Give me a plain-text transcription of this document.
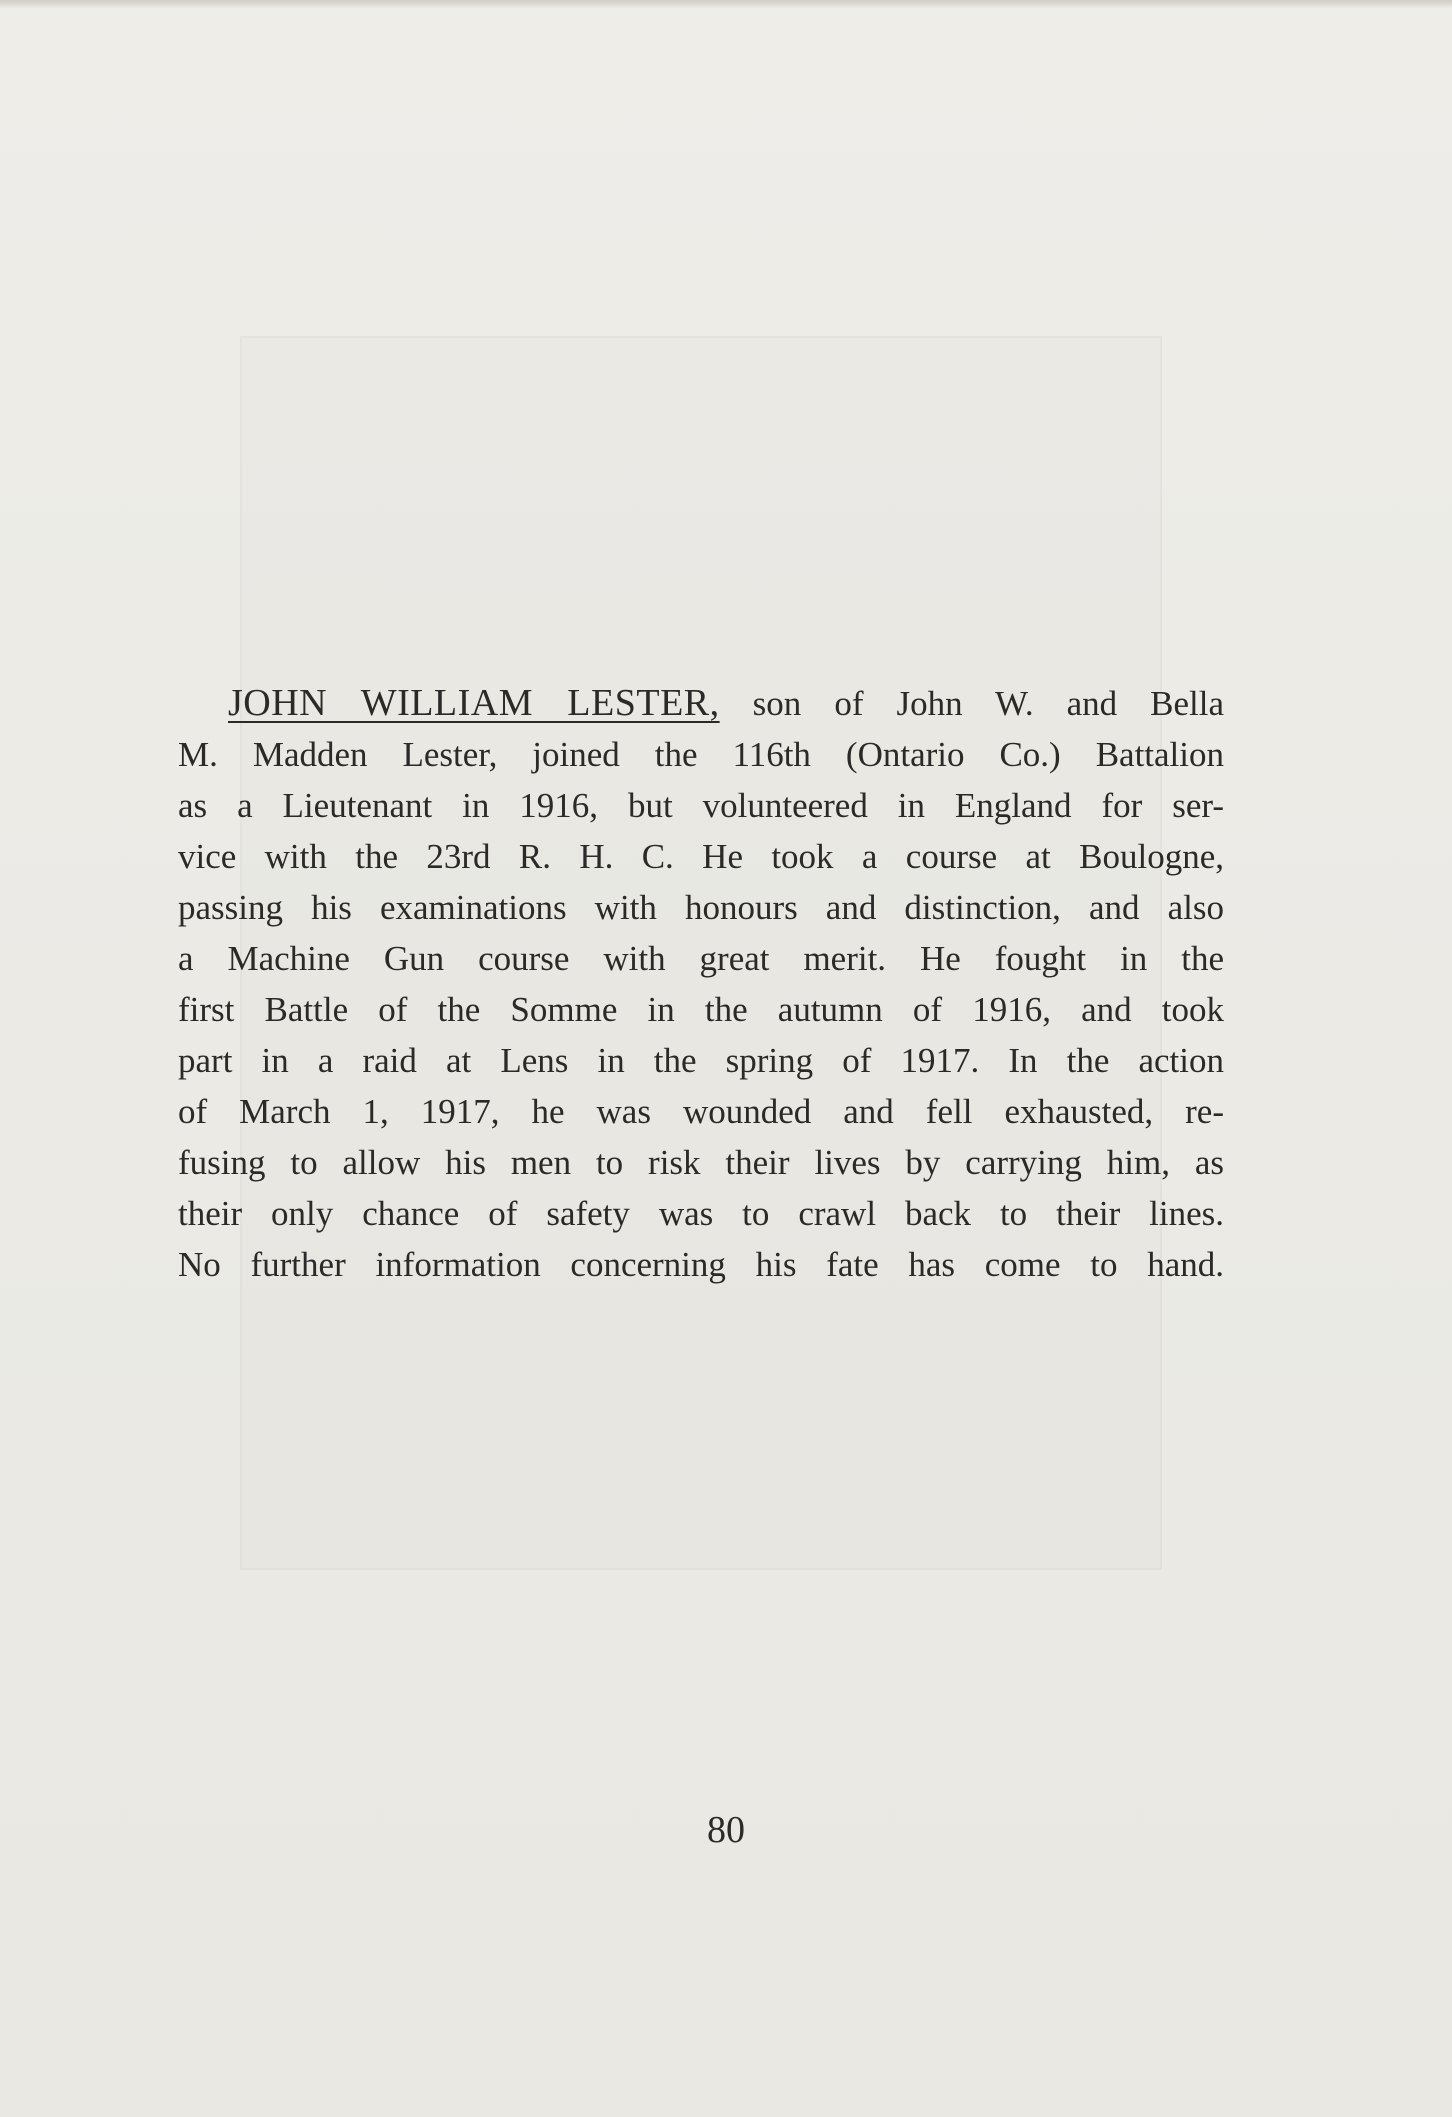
JOHN WILLIAM LESTER, son of John W. and Bella
M. Madden Lester, joined the 116th (Ontario Co.) Battalion
as a Lieutenant in 1916, but volunteered in England for ser-
vice with the 23rd R. H. C. He took a course at Boulogne,
passing his examinations with honours and distinction, and also
a Machine Gun course with great merit. He fought in the
first Battle of the Somme in the autumn of 1916, and took
part in a raid at Lens in the spring of 1917. In the action
of March 1, 1917, he was wounded and fell exhausted, re-
fusing to allow his men to risk their lives by carrying him, as
their only chance of safety was to crawl back to their lines.
No further information concerning his fate has come to hand.

80
